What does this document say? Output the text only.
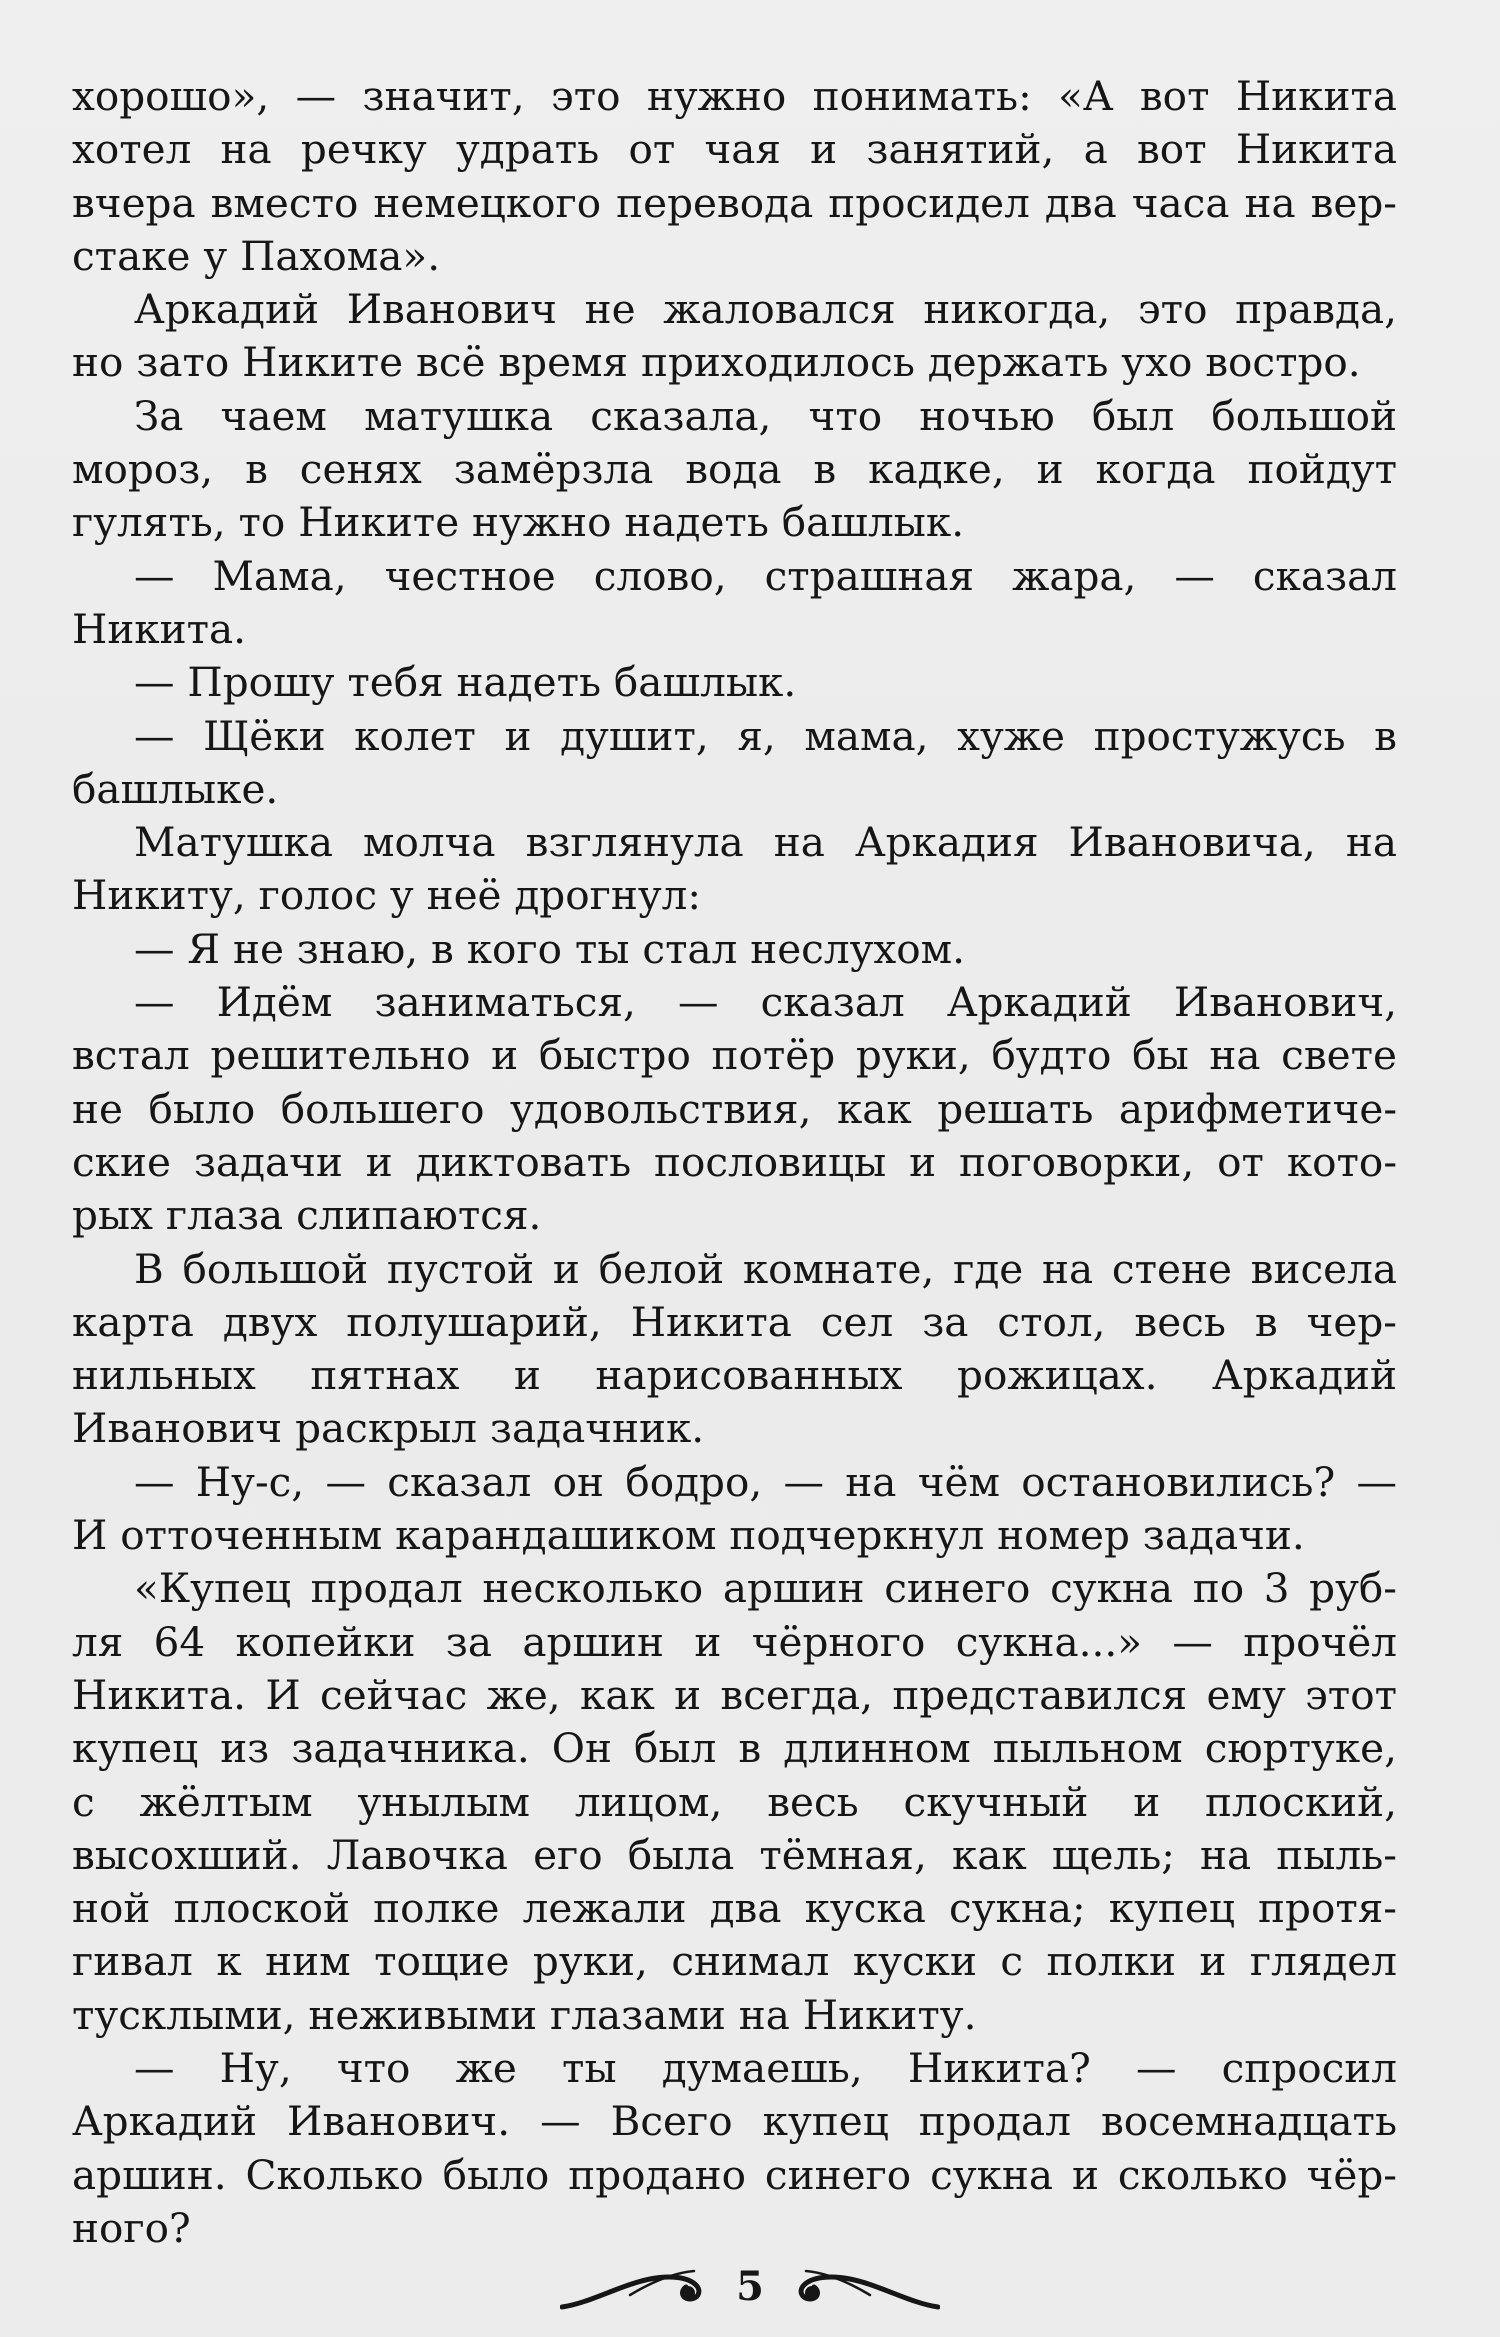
хорошо», — значит, это нужно понимать: «А вот Никита
хотел на речку удрать от чая и занятий, а вот Никита
вчера вместо немецкого перевода просидел два часа на вер-
стаке у Пахома».
Аркадий Иванович не жаловался никогда, это правда,
но зато Никите всё время приходилось держать ухо востро.
За чаем матушка сказала, что ночью был большой
мороз, в сенях замёрзла вода в кадке, и когда пойдут
гулять, то Никите нужно надеть башлык.
— Мама, честное слово, страшная жара, — сказал
Никита.
— Прошу тебя надеть башлык.
— Щёки колет и душит, я, мама, хуже простужусь в
башлыке.
Матушка молча взглянула на Аркадия Ивановича, на
Никиту, голос у неё дрогнул:
— Я не знаю, в кого ты стал неслухом.
— Идём заниматься, — сказал Аркадий Иванович,
встал решительно и быстро потёр руки, будто бы на свете
не было большего удовольствия, как решать арифметиче-
ские задачи и диктовать пословицы и поговорки, от кото-
рых глаза слипаются.
В большой пустой и белой комнате, где на стене висела
карта двух полушарий, Никита сел за стол, весь в чер-
нильных пятнах и нарисованных рожицах. Аркадий
Иванович раскрыл задачник.
— Ну-с, — сказал он бодро, — на чём остановились? —
И отточенным карандашиком подчеркнул номер задачи.
«Купец продал несколько аршин синего сукна по 3 руб-
ля 64 копейки за аршин и чёрного сукна...» — прочёл
Никита. И сейчас же, как и всегда, представился ему этот
купец из задачника. Он был в длинном пыльном сюртуке,
с жёлтым унылым лицом, весь скучный и плоский,
высохший. Лавочка его была тёмная, как щель; на пыль-
ной плоской полке лежали два куска сукна; купец протя-
гивал к ним тощие руки, снимал куски с полки и глядел
тусклыми, неживыми глазами на Никиту.
— Ну, что же ты думаешь, Никита? — спросил
Аркадий Иванович. — Всего купец продал восемнадцать
аршин. Сколько было продано синего сукна и сколько чёр-
ного?
5
